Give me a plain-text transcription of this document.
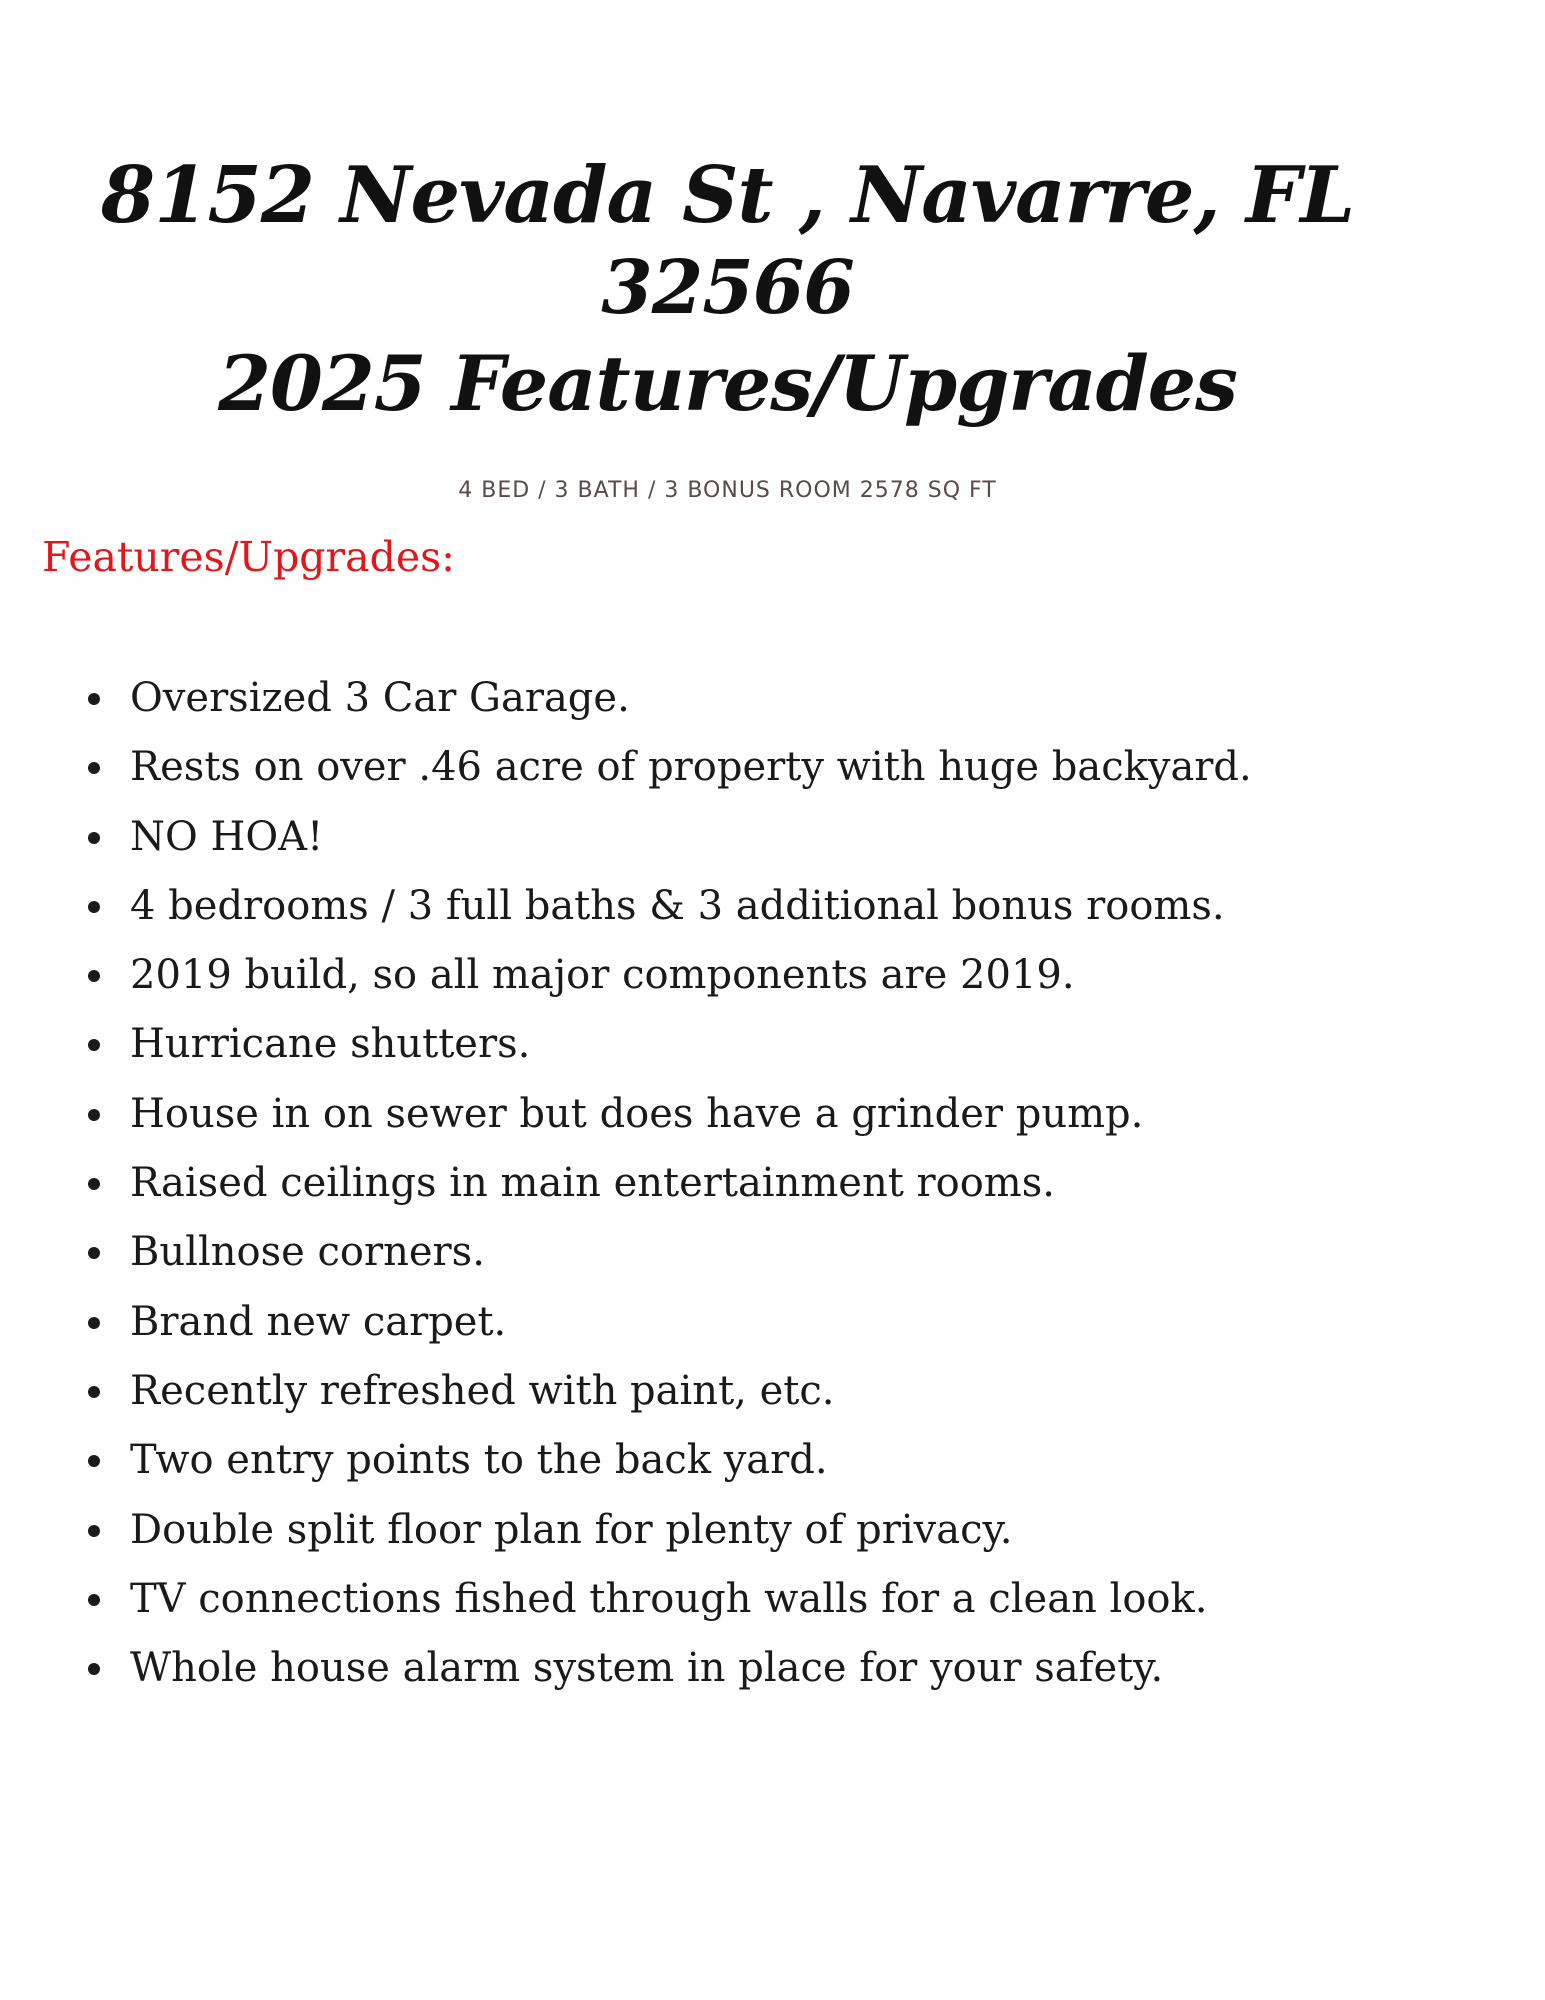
8152 Nevada St , Navarre, FL
32566
2025 Features/Upgrades
4 BED / 3 BATH / 3 BONUS ROOM 2578 SQ FT
Features/Upgrades:
Oversized 3 Car Garage.
Rests on over .46 acre of property with huge backyard.
NO HOA!
4 bedrooms / 3 full baths & 3 additional bonus rooms.
2019 build, so all major components are 2019.
Hurricane shutters.
House in on sewer but does have a grinder pump.
Raised ceilings in main entertainment rooms.
Bullnose corners.
Brand new carpet.
Recently refreshed with paint, etc.
Two entry points to the back yard.
Double split floor plan for plenty of privacy.
TV connections fished through walls for a clean look.
Whole house alarm system in place for your safety.
